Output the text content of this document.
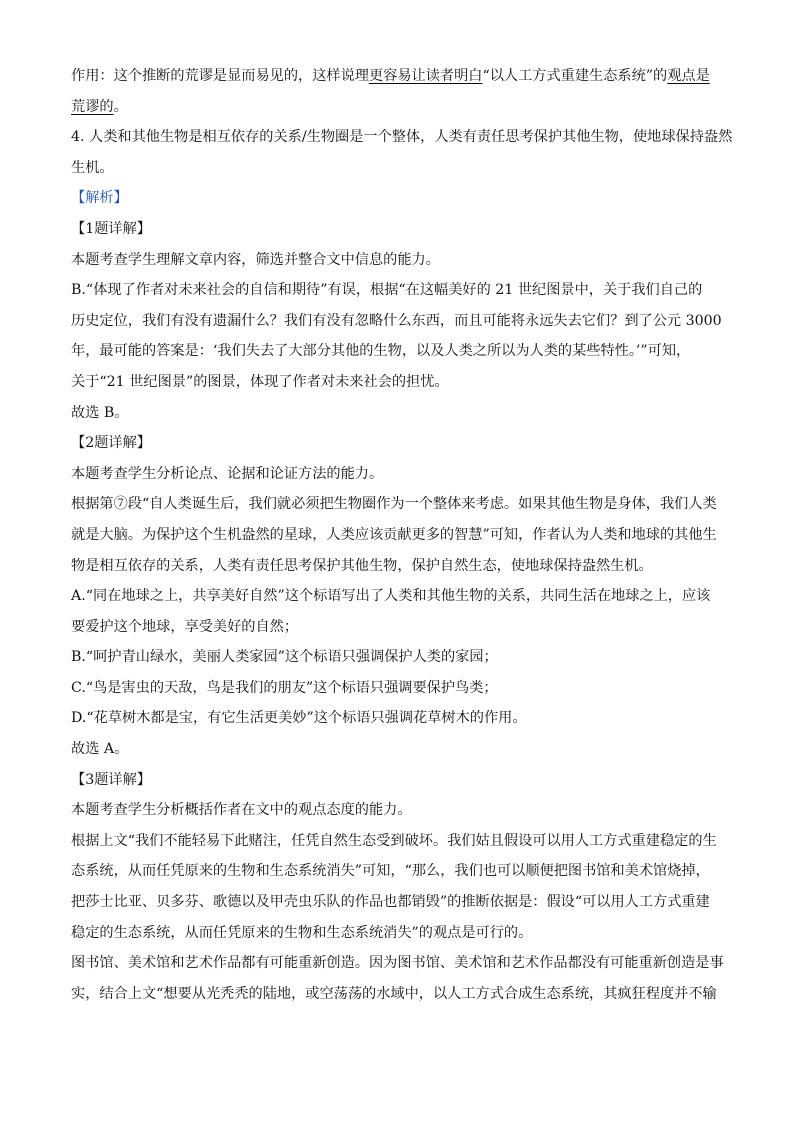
作用：这个推断的荒谬是显而易见的，这样说理更容易让读者明白“以人工方式重建生态系统”的观点是
荒谬的。
4. 人类和其他生物是相互依存的关系/生物圈是一个整体，人类有责任思考保护其他生物，使地球保持盎然
生机。
【解析】
【1题详解】
本题考查学生理解文章内容，筛选并整合文中信息的能力。
B.“体现了作者对未来社会的自信和期待”有误，根据“在这幅美好的 21 世纪图景中，关于我们自己的
历史定位，我们有没有遗漏什么？我们有没有忽略什么东西，而且可能将永远失去它们？到了公元 3000
年，最可能的答案是：‘我们失去了大部分其他的生物，以及人类之所以为人类的某些特性。’”可知，
关于“21 世纪图景”的图景，体现了作者对未来社会的担忧。
故选 B。
【2题详解】
本题考查学生分析论点、论据和论证方法的能力。
根据第⑦段“自人类诞生后，我们就必须把生物圈作为一个整体来考虑。如果其他生物是身体，我们人类
就是大脑。为保护这个生机盎然的星球，人类应该贡献更多的智慧”可知，作者认为人类和地球的其他生
物是相互依存的关系，人类有责任思考保护其他生物，保护自然生态，使地球保持盎然生机。
A.“同在地球之上，共享美好自然”这个标语写出了人类和其他生物的关系，共同生活在地球之上，应该
要爱护这个地球，享受美好的自然；
B.“呵护青山绿水，美丽人类家园”这个标语只强调保护人类的家园；
C.“鸟是害虫的天敌，鸟是我们的朋友”这个标语只强调要保护鸟类；
D.“花草树木都是宝，有它生活更美妙”这个标语只强调花草树木的作用。
故选 A。
【3题详解】
本题考查学生分析概括作者在文中的观点态度的能力。
根据上文“我们不能轻易下此赌注，任凭自然生态受到破坏。我们姑且假设可以用人工方式重建稳定的生
态系统，从而任凭原来的生物和生态系统消失”可知，“那么，我们也可以顺便把图书馆和美术馆烧掉，
把莎士比亚、贝多芬、歌德以及甲壳虫乐队的作品也都销毁”的推断依据是：假设“可以用人工方式重建
稳定的生态系统，从而任凭原来的生物和生态系统消失”的观点是可行的。
图书馆、美术馆和艺术作品都有可能重新创造。因为图书馆、美术馆和艺术作品都没有可能重新创造是事
实，结合上文“想要从光秃秃的陆地，或空荡荡的水域中，以人工方式合成生态系统，其疯狂程度并不输
